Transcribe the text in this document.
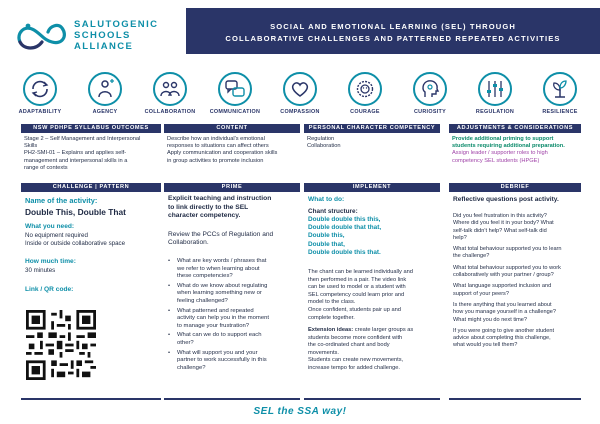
SALUTOGENIC
SCHOOLS
ALLIANCE
SOCIAL AND EMOTIONAL LEARNING (SEL) THROUGH
COLLABORATIVE CHALLENGES AND PATTERNED REPEATED ACTIVITIES
ADAPTABILITY	AGENCY	COLLABORATION	COMMUNICATION	COMPASSION	COURAGE	CURIOSITY	REGULATION	RESILIENCE
NSW PDHPE SYLLABUS OUTCOMES
Stage 2 – Self Management and Interpersonal
Skills
PH2-SMI-01 – Explains and applies self-
management and interpersonal skills in a
range of contexts
CONTENT
Describe how an individual's emotional
responses to situations can affect others
Apply communication and cooperation skills
in group activities to promote inclusion
PERSONAL CHARACTER COMPETENCY
Regulation
Collaboration
ADJUSTMENTS & CONSIDERATIONS
Provide additional priming to support
students requiring additional preparation.
Assign leader / supporter roles to high
competency SEL students (HPGE)
CHALLENGE | PATTERN
Name of the activity:
Double This, Double That
What you need:
No equipment required
Inside or outside collaborative space
How much time:
30 minutes
Link / QR code:
PRIME
Explicit teaching and instruction
to link directly to the SEL
character competency.
Review the PCCs of Regulation and
Collaboration.
• What are key words / phrases that
we refer to when learning about
these competencies?
• What do we know about regulating
when learning something new or
feeling challenged?
• What patterned and repeated
activity can help you in the moment
to manage your frustration?
• What can we do to support each
other?
• What will support you and your
partner to work successfully in this
challenge?
IMPLEMENT
What to do:
Chant structure:
Double double this this,
Double double that that,
Double this,
Double that,
Double double this that.
The chant can be learned individually and
then performed in a pair. The video link
can be used to model or a student with
SEL competency could learn prior and
model to the class.
Once confident, students pair up and
complete together.
Extension ideas: create larger groups as
students become more confident with
the co-ordinated chant and body
movements.
Students can create new movements,
increase tempo for added challenge.
DEBRIEF
Reflective questions post activity.
Did you feel frustration in this activity?
Where did you feel it in your body? What
self-talk didn't help? What self-talk did
help?
What total behaviour supported you to learn
the challenge?
What total behaviour supported you to work
collaboratively with your partner / group?
What language supported inclusion and
support of your peers?
Is there anything that you learned about
how you manage yourself in a challenge?
What might you do next time?
If you were going to give another student
advice about completing this challenge,
what would you tell them?
SEL the SSA way!
